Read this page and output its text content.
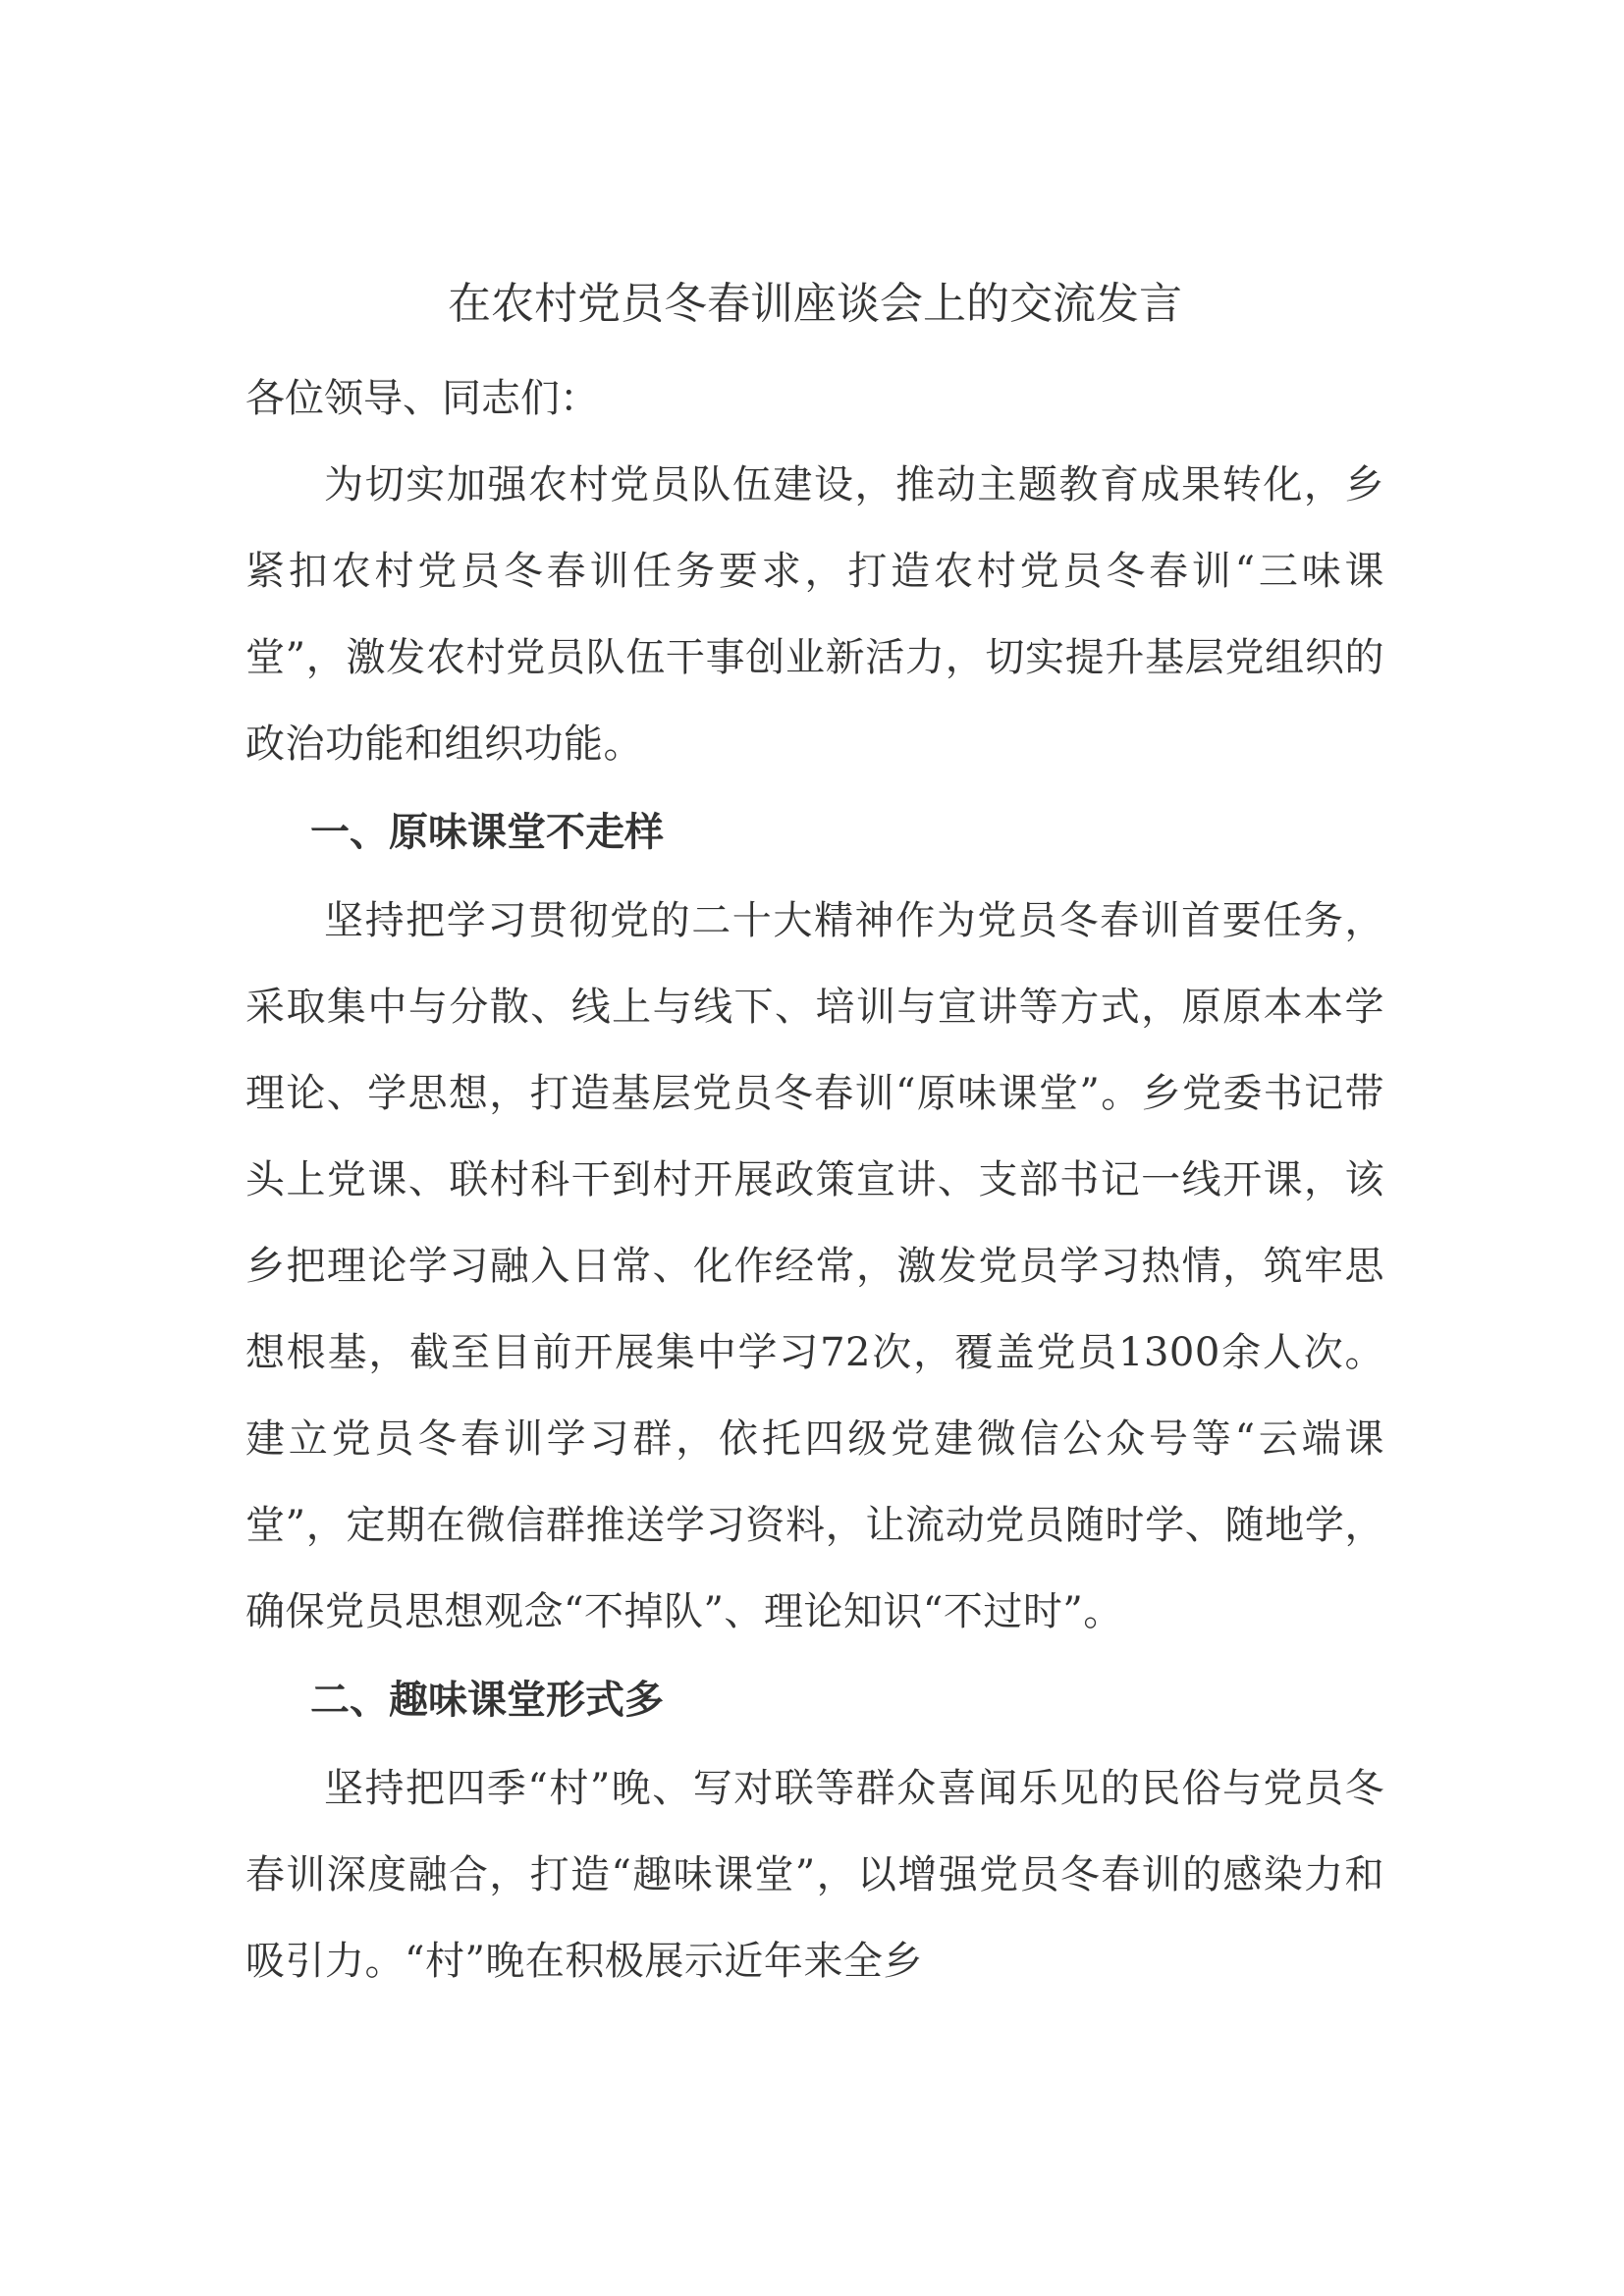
在农村党员冬春训座谈会上的交流发言

各位领导、同志们：

为切实加强农村党员队伍建设，推动主题教育成果转化，乡紧扣农村党员冬春训任务要求，打造农村党员冬春训“三味课堂”，激发农村党员队伍干事创业新活力，切实提升基层党组织的政治功能和组织功能。

一、原味课堂不走样

坚持把学习贯彻党的二十大精神作为党员冬春训首要任务，采取集中与分散、线上与线下、培训与宣讲等方式，原原本本学理论、学思想，打造基层党员冬春训“原味课堂”。乡党委书记带头上党课、联村科干到村开展政策宣讲、支部书记一线开课，该乡把理论学习融入日常、化作经常，激发党员学习热情，筑牢思想根基，截至目前开展集中学习72次，覆盖党员1300余人次。建立党员冬春训学习群，依托四级党建微信公众号等“云端课堂”，定期在微信群推送学习资料，让流动党员随时学、随地学，确保党员思想观念“不掉队”、理论知识“不过时”。

二、趣味课堂形式多

坚持把四季“村”晚、写对联等群众喜闻乐见的民俗与党员冬春训深度融合，打造“趣味课堂”，以增强党员冬春训的感染力和吸引力。“村”晚在积极展示近年来全乡
